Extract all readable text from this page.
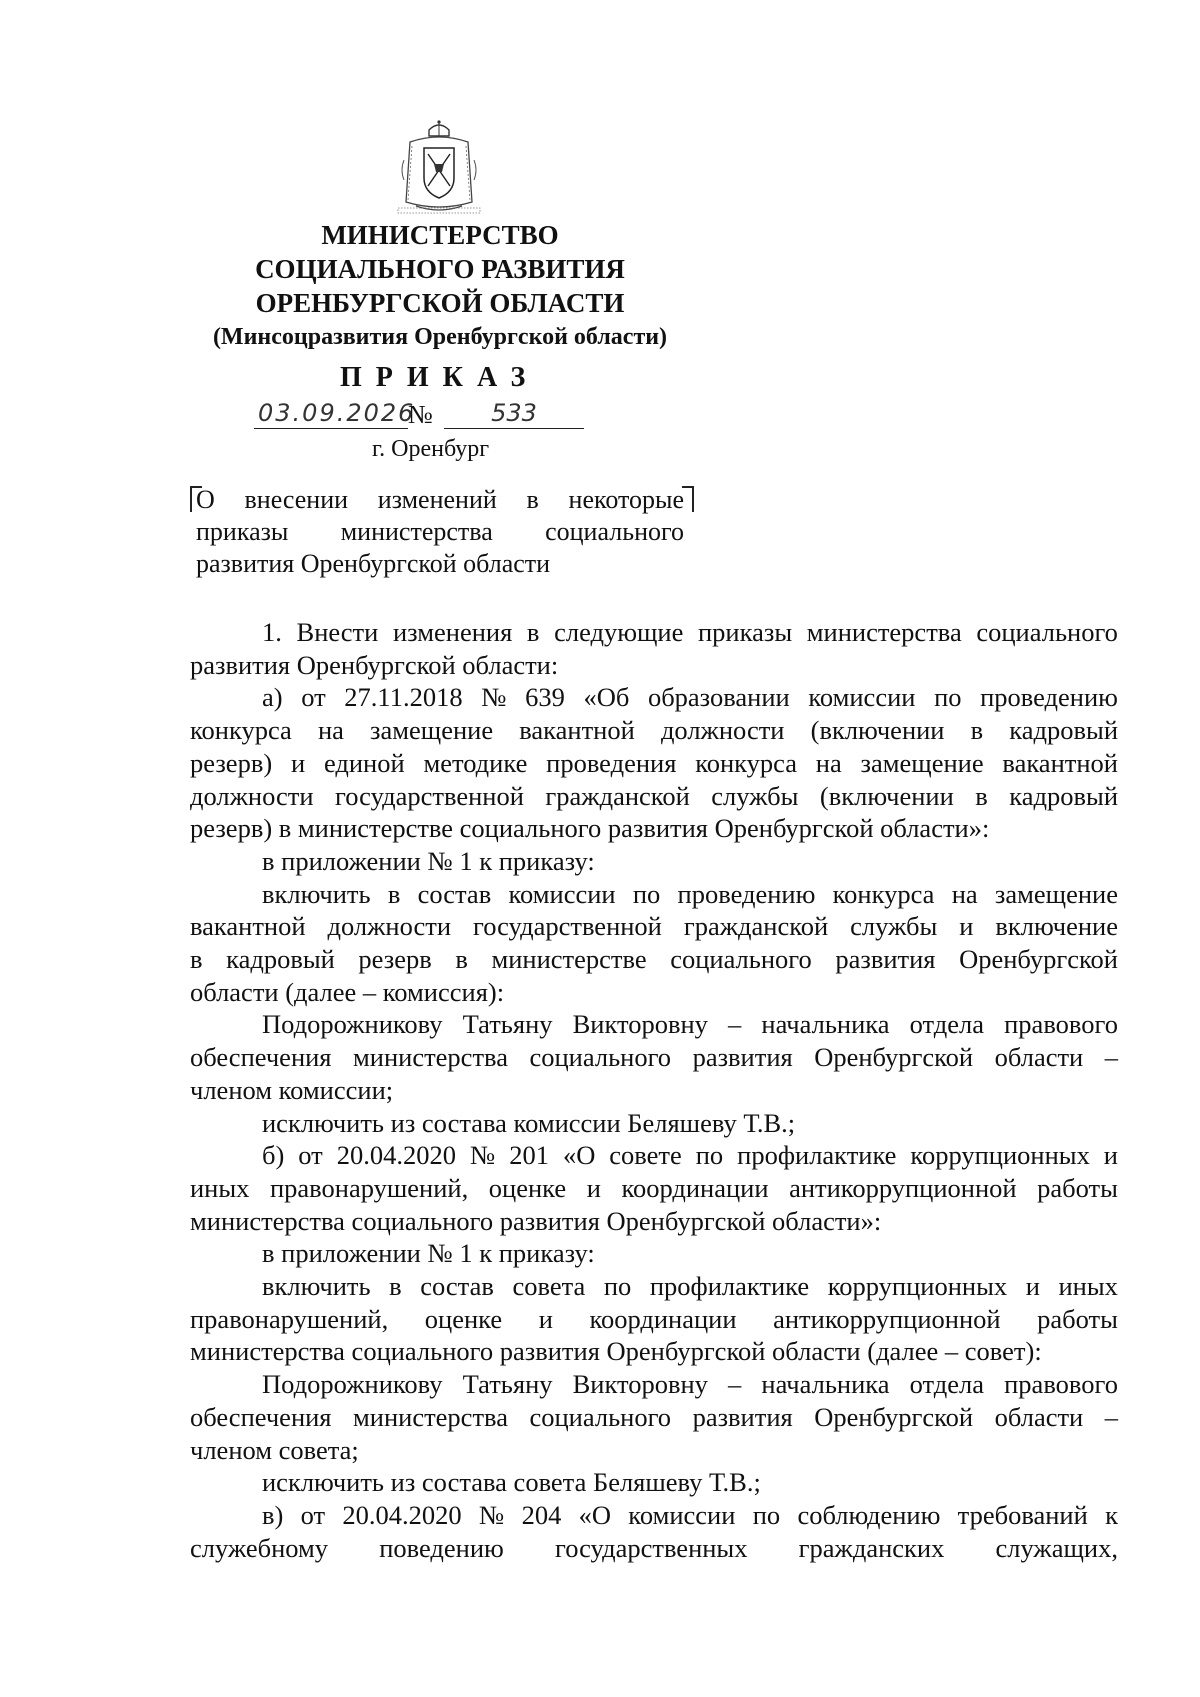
МИНИСТЕРСТВО
СОЦИАЛЬНОГО РАЗВИТИЯ
ОРЕНБУРГСКОЙ ОБЛАСТИ
(Минсоцразвития Оренбургской области)
ПРИКАЗ
03.09.2026
№	533
г. Оренбург
О внесении изменений в некоторые
приказы министерства социального
развития Оренбургской области
1. Внести изменения в следующие приказы министерства социального
развития Оренбургской области:
а) от 27.11.2018 № 639 «Об образовании комиссии по проведению
конкурса на замещение вакантной должности (включении в кадровый
резерв) и единой методике проведения конкурса на замещение вакантной
должности государственной гражданской службы (включении в кадровый
резерв) в министерстве социального развития Оренбургской области»:
в приложении № 1 к приказу:
включить в состав комиссии по проведению конкурса на замещение
вакантной должности государственной гражданской службы и включение
в кадровый резерв в министерстве социального развития Оренбургской
области (далее – комиссия):
Подорожникову Татьяну Викторовну – начальника отдела правового
обеспечения министерства социального развития Оренбургской области –
членом комиссии;
исключить из состава комиссии Беляшеву Т.В.;
б) от 20.04.2020 № 201 «О совете по профилактике коррупционных и
иных правонарушений, оценке и координации антикоррупционной работы
министерства социального развития Оренбургской области»:
в приложении № 1 к приказу:
включить в состав совета по профилактике коррупционных и иных
правонарушений, оценке и координации антикоррупционной работы
министерства социального развития Оренбургской области (далее – совет):
Подорожникову Татьяну Викторовну – начальника отдела правового
обеспечения министерства социального развития Оренбургской области –
членом совета;
исключить из состава совета Беляшеву Т.В.;
в) от 20.04.2020 № 204 «О комиссии по соблюдению требований к
служебному поведению государственных гражданских служащих,
